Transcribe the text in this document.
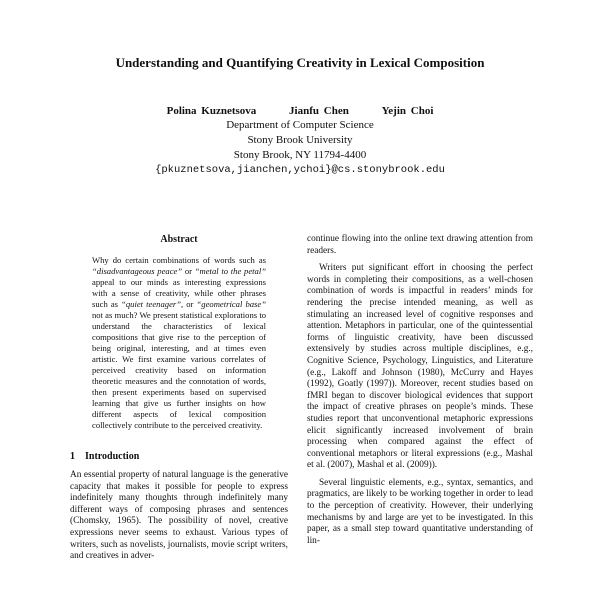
Understanding and Quantifying Creativity in Lexical Composition
Polina Kuznetsova	Jianfu Chen	Yejin Choi
Department of Computer Science
Stony Brook University
Stony Brook, NY 11794-4400
{pkuznetsova,jianchen,ychoi}@cs.stonybrook.edu
Abstract

Why do certain combinations of words such as “disadvantageous peace” or “metal to the petal” appeal to our minds as interesting expressions with a sense of creativity, while other phrases such as “quiet teenager”, or “geometrical base” not as much? We present statistical explorations to understand the characteristics of lexical compositions that give rise to the perception of being original, interesting, and at times even artistic. We first examine various correlates of perceived creativity based on information theoretic measures and the connotation of words, then present experiments based on supervised learning that give us further insights on how different aspects of lexical composition collectively contribute to the perceived creativity.

1 Introduction

An essential property of natural language is the generative capacity that makes it possible for people to express indefinitely many thoughts through indefinitely many different ways of composing phrases and sentences (Chomsky, 1965). The possibility of novel, creative expressions never seems to exhaust. Various types of writers, such as novelists, journalists, movie script writers, and creatives in adver-

continue flowing into the online text drawing attention from readers.

Writers put significant effort in choosing the perfect words in completing their compositions, as a well-chosen combination of words is impactful in readers’ minds for rendering the precise intended meaning, as well as stimulating an increased level of cognitive responses and attention. Metaphors in particular, one of the quintessential forms of linguistic creativity, have been discussed extensively by studies across multiple disciplines, e.g., Cognitive Science, Psychology, Linguistics, and Literature (e.g., Lakoff and Johnson (1980), McCurry and Hayes (1992), Goatly (1997)). Moreover, recent studies based on fMRI began to discover biological evidences that support the impact of creative phrases on people’s minds. These studies report that unconventional metaphoric expressions elicit significantly increased involvement of brain processing when compared against the effect of conventional metaphors or literal expressions (e.g., Mashal et al. (2007), Mashal et al. (2009)).

Several linguistic elements, e.g., syntax, semantics, and pragmatics, are likely to be working together in order to lead to the perception of creativity. However, their underlying mechanisms by and large are yet to be investigated. In this paper, as a small step toward quantitative understanding of lin-
